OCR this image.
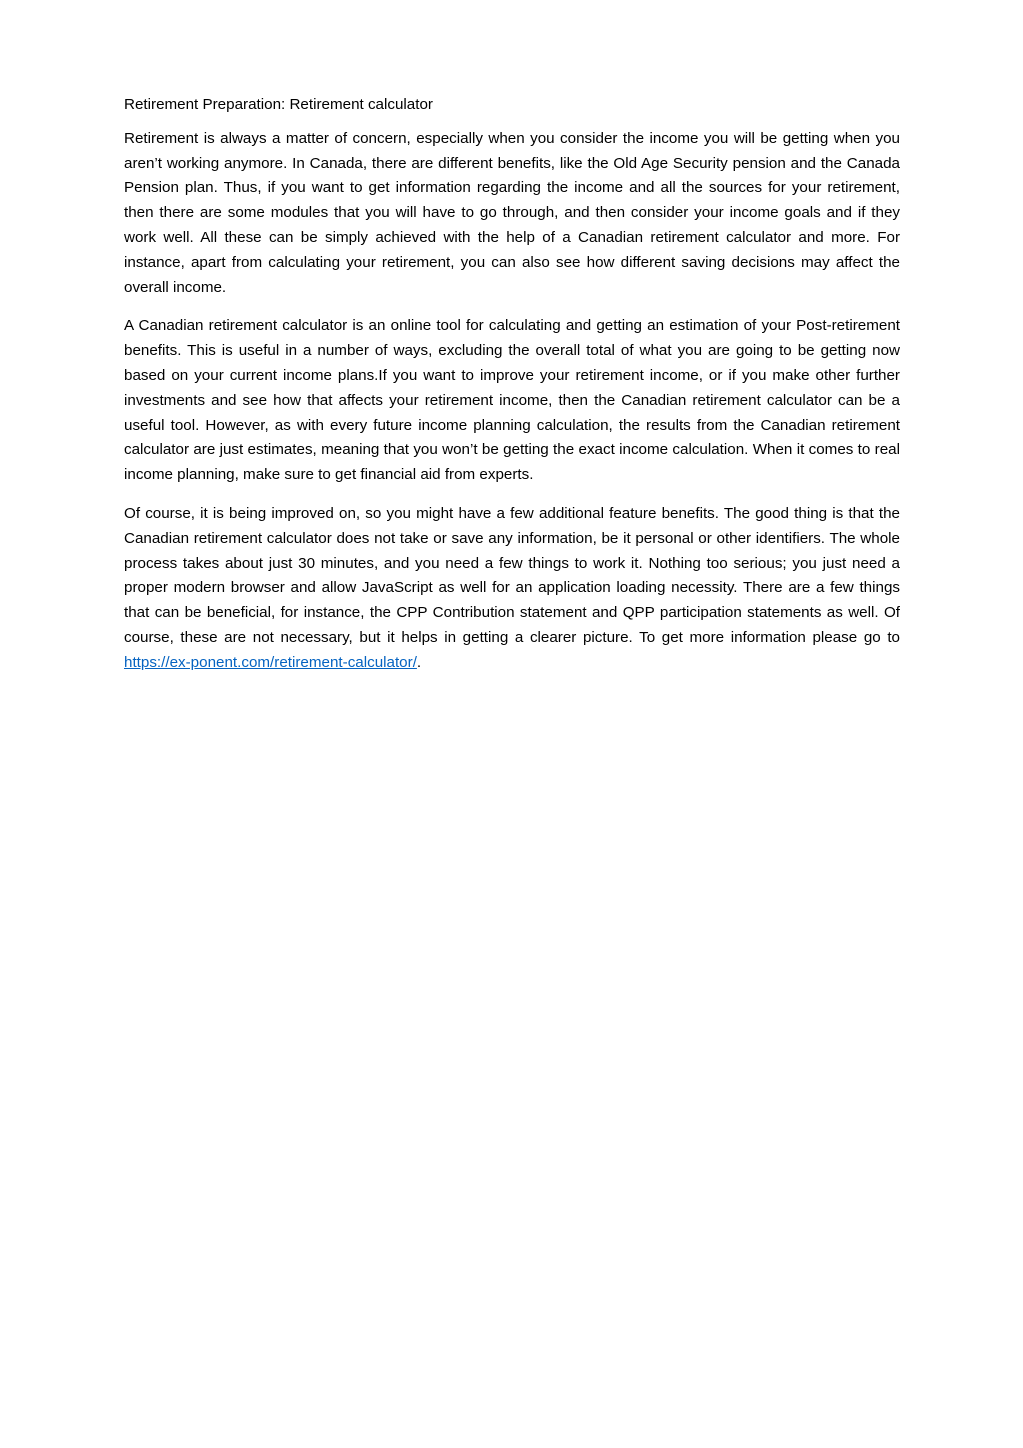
Retirement Preparation: Retirement calculator

Retirement is always a matter of concern, especially when you consider the income you will be getting when you aren’t working anymore. In Canada, there are different benefits, like the Old Age Security pension and the Canada Pension plan. Thus, if you want to get information regarding the income and all the sources for your retirement, then there are some modules that you will have to go through, and then consider your income goals and if they work well. All these can be simply achieved with the help of a Canadian retirement calculator and more. For instance, apart from calculating your retirement, you can also see how different saving decisions may affect the overall income.

A Canadian retirement calculator is an online tool for calculating and getting an estimation of your Post-retirement benefits. This is useful in a number of ways, excluding the overall total of what you are going to be getting now based on your current income plans.If you want to improve your retirement income, or if you make other further investments and see how that affects your retirement income, then the Canadian retirement calculator can be a useful tool. However, as with every future income planning calculation, the results from the Canadian retirement calculator are just estimates, meaning that you won’t be getting the exact income calculation. When it comes to real income planning, make sure to get financial aid from experts.

Of course, it is being improved on, so you might have a few additional feature benefits. The good thing is that the Canadian retirement calculator does not take or save any information, be it personal or other identifiers. The whole process takes about just 30 minutes, and you need a few things to work it. Nothing too serious; you just need a proper modern browser and allow JavaScript as well for an application loading necessity. There are a few things that can be beneficial, for instance, the CPP Contribution statement and QPP participation statements as well. Of course, these are not necessary, but it helps in getting a clearer picture. To get more information please go to https://ex-ponent.com/retirement-calculator/.
